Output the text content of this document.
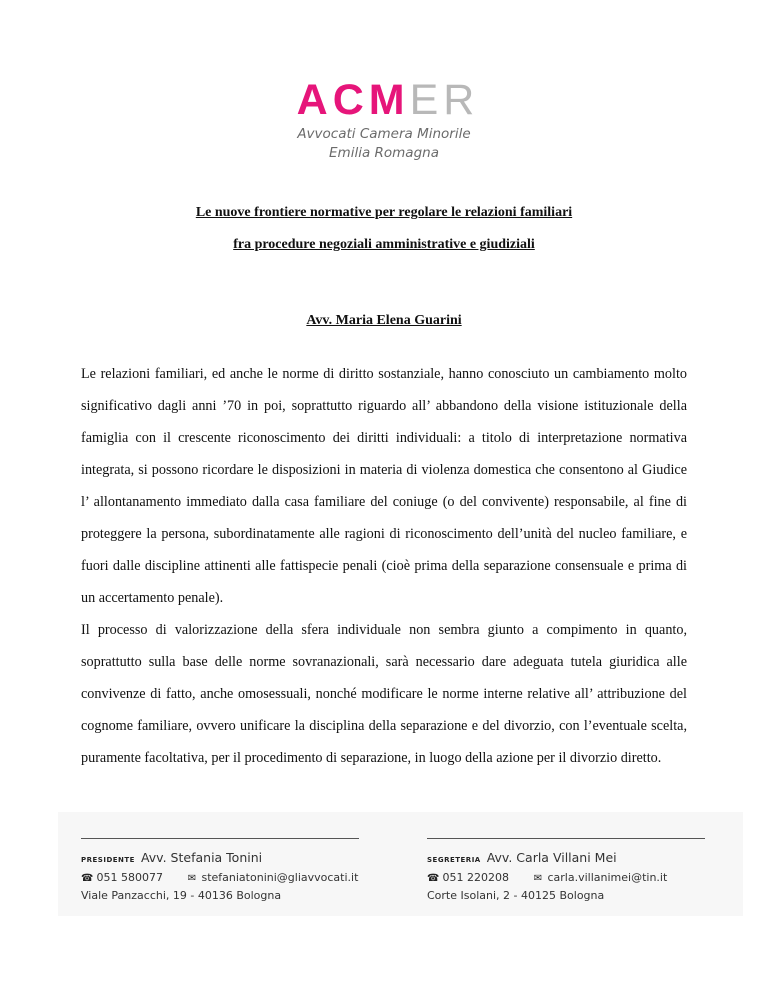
ACMER
Avvocati Camera Minorile
Emilia Romagna
Le nuove frontiere normative per regolare le relazioni familiari
fra procedure negoziali amministrative e giudiziali
Avv. Maria Elena Guarini

Le relazioni familiari, ed anche le norme di diritto sostanziale, hanno conosciuto un cambiamento molto significativo dagli anni ’70 in poi, soprattutto riguardo all’ abbandono della visione istituzionale della famiglia con il crescente riconoscimento dei diritti individuali: a titolo di interpretazione normativa integrata, si possono ricordare le disposizioni in materia di violenza domestica che consentono al Giudice l’ allontanamento immediato dalla casa familiare del coniuge (o del convivente) responsabile, al fine di proteggere la persona, subordinatamente alle ragioni di riconoscimento dell’unità del nucleo familiare, e fuori dalle discipline attinenti alle fattispecie penali (cioè prima della separazione consensuale e prima di un accertamento penale).

Il processo di valorizzazione della sfera individuale non sembra giunto a compimento in quanto, soprattutto sulla base delle norme sovranazionali, sarà necessario dare adeguata tutela giuridica alle convivenze di fatto, anche omosessuali, nonché modificare le norme interne relative all’ attribuzione del cognome familiare, ovvero unificare la disciplina della separazione e del divorzio, con l’eventuale scelta, puramente facoltativa, per il procedimento di separazione, in luogo della azione per il divorzio diretto.

PRESIDENTE Avv. Stefania Tonini
☎ 051 580077 ✉ stefaniatonini@gliavvocati.it
Viale Panzacchi, 19 - 40136 Bologna
SEGRETERIA Avv. Carla Villani Mei
☎ 051 220208 ✉ carla.villanimei@tin.it
Corte Isolani, 2 - 40125 Bologna
